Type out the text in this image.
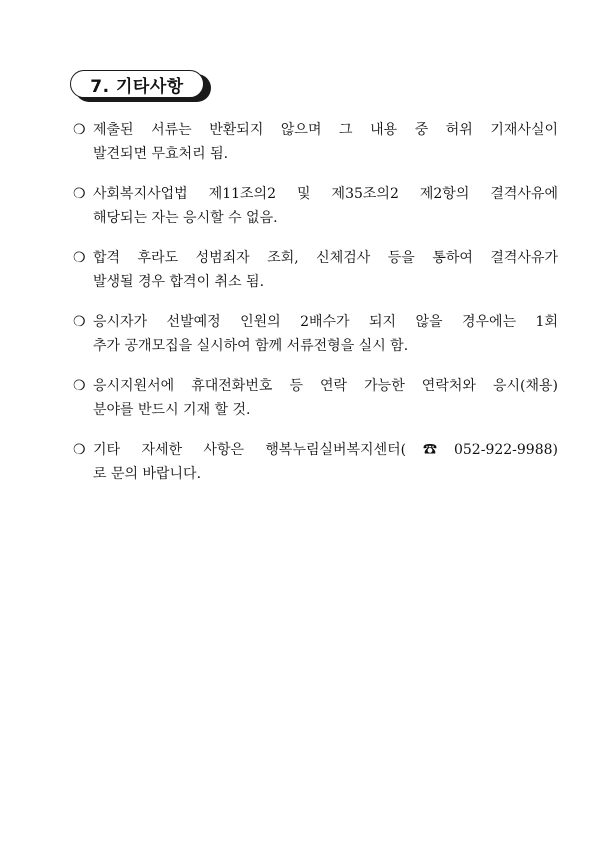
7. 기타사항
❍ 제출된 서류는 반환되지 않으며 그 내용 중 허위 기재사실이
발견되면 무효처리 됨.
❍ 사회복지사업법 제11조의2 및 제35조의2 제2항의 결격사유에
해당되는 자는 응시할 수 없음.
❍ 합격 후라도 성범죄자 조회, 신체검사 등을 통하여 결격사유가
발생될 경우 합격이 취소 됨.
❍ 응시자가 선발예정 인원의 2배수가 되지 않을 경우에는 1회
추가 공개모집을 실시하여 함께 서류전형을 실시 함.
❍ 응시지원서에 휴대전화번호 등 연락 가능한 연락처와 응시(채용)
분야를 반드시 기재 할 것.
❍ 기타 자세한 사항은 행복누림실버복지센터(☎052-922-9988)
로 문의 바랍니다.
